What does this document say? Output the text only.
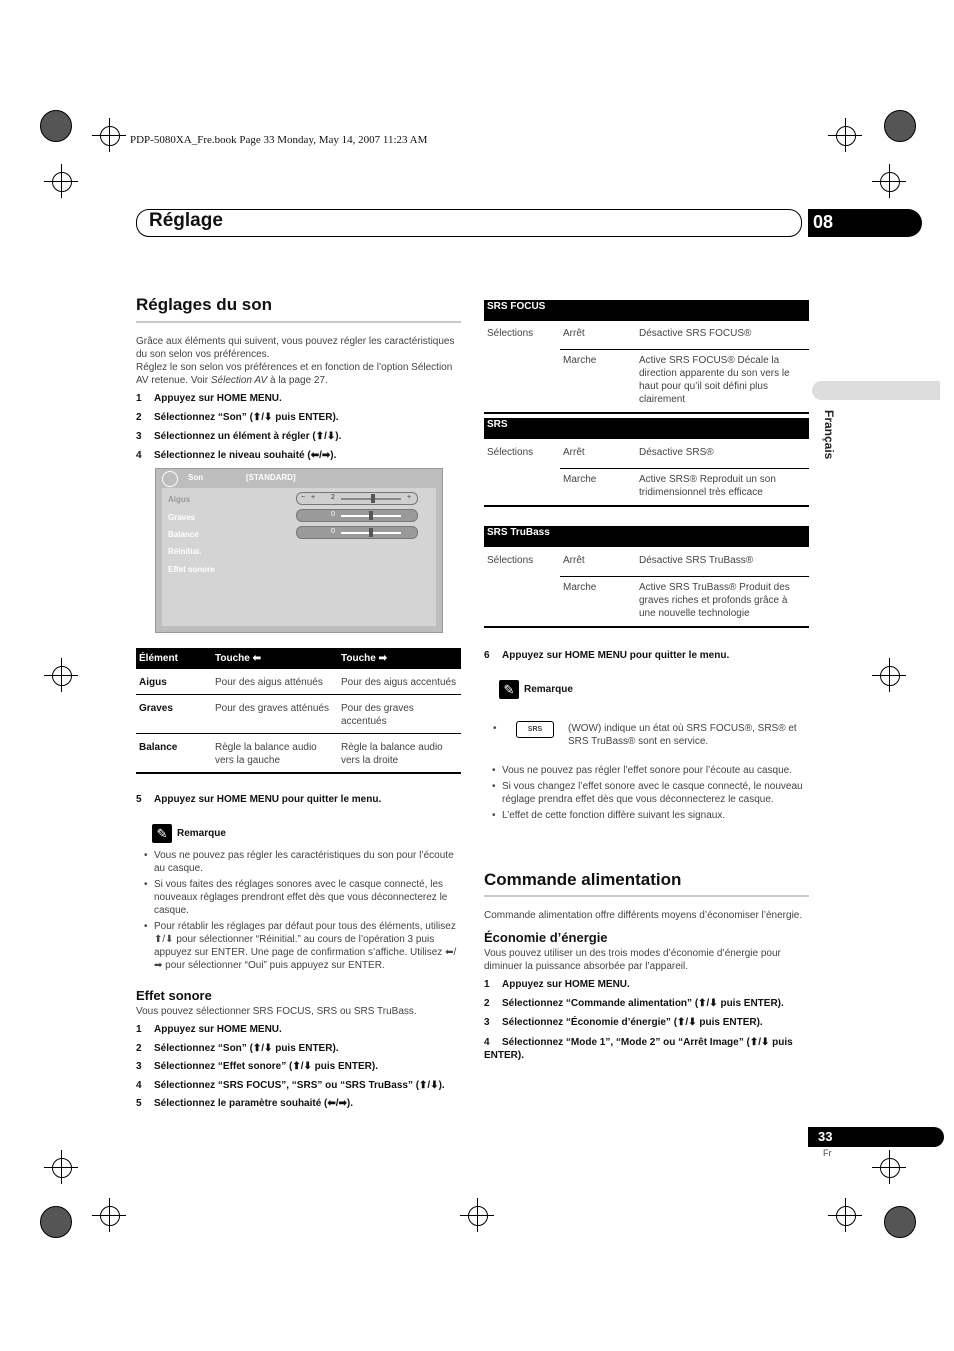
PDP-5080XA_Fre.book Page 33 Monday, May 14, 2007 11:23 AM
Réglage	08
Français
Réglages du son
Grâce aux éléments qui suivent, vous pouvez régler les caractéristiques du son selon vos préférences.
Réglez le son selon vos préférences et en fonction de l’option Sélection AV retenue. Voir Sélection AV à la page 27.
1 Appuyez sur HOME MENU.
2 Sélectionnez “Son” (⬆/⬇ puis ENTER).
3 Sélectionnez un élément à régler (⬆/⬇).
4 Sélectionnez le niveau souhaité (⬅/➡).
Son	[STANDARD]
Aigus
Graves
Balance
Réinitial.
Effet sonore
− + 2	+
0
0
Élément	Touche ⬅	Touche ➡
Aigus	Pour des aigus atténués	Pour des aigus accentués
Graves	Pour des graves atténués	Pour des graves accentués
Balance	Règle la balance audio vers la gauche	Règle la balance audio vers la droite
5 Appuyez sur HOME MENU pour quitter le menu.
✎ Remarque
• Vous ne pouvez pas régler les caractéristiques du son pour l’écoute au casque.
• Si vous faites des réglages sonores avec le casque connecté, les nouveaux réglages prendront effet dès que vous déconnecterez le casque.
• Pour rétablir les réglages par défaut pour tous des éléments, utilisez ⬆/⬇ pour sélectionner “Réinitial.” au cours de l’opération 3 puis appuyez sur ENTER. Une page de confirmation s’affiche. Utilisez ⬅/➡ pour sélectionner “Oui” puis appuyez sur ENTER.
Effet sonore
Vous pouvez sélectionner SRS FOCUS, SRS ou SRS TruBass.
1 Appuyez sur HOME MENU.
2 Sélectionnez “Son” (⬆/⬇ puis ENTER).
3 Sélectionnez “Effet sonore” (⬆/⬇ puis ENTER).
4 Sélectionnez “SRS FOCUS”, “SRS” ou “SRS TruBass” (⬆/⬇).
5 Sélectionnez le paramètre souhaité (⬅/➡).
SRS FOCUS		
Sélections	Arrêt	Désactive SRS FOCUS®
	Marche	Active SRS FOCUS® Décale la direction apparente du son vers le haut pour qu’il soit défini plus clairement
SRS		
Sélections	Arrêt	Désactive SRS®
	Marche	Active SRS® Reproduit un son tridimensionnel très efficace
SRS TruBass		
Sélections	Arrêt	Désactive SRS TruBass®
	Marche	Active SRS TruBass® Produit des graves riches et profonds grâce à une nouvelle technologie
6 Appuyez sur HOME MENU pour quitter le menu.
✎ Remarque
•	SRS	(WOW) indique un état où SRS FOCUS®, SRS® et SRS TruBass® sont en service.
• Vous ne pouvez pas régler l’effet sonore pour l’écoute au casque.
• Si vous changez l’effet sonore avec le casque connecté, le nouveau réglage prendra effet dès que vous déconnecterez le casque.
• L’effet de cette fonction diffère suivant les signaux.
Commande alimentation
Commande alimentation offre différents moyens d’économiser l’énergie.
Économie d’énergie
Vous pouvez utiliser un des trois modes d’économie d’énergie pour diminuer la puissance absorbée par l’appareil.
1 Appuyez sur HOME MENU.
2 Sélectionnez “Commande alimentation” (⬆/⬇ puis ENTER).
3 Sélectionnez “Économie d’énergie” (⬆/⬇ puis ENTER).
4 Sélectionnez “Mode 1”, “Mode 2” ou “Arrêt Image” (⬆/⬇ puis ENTER).
33
Fr
